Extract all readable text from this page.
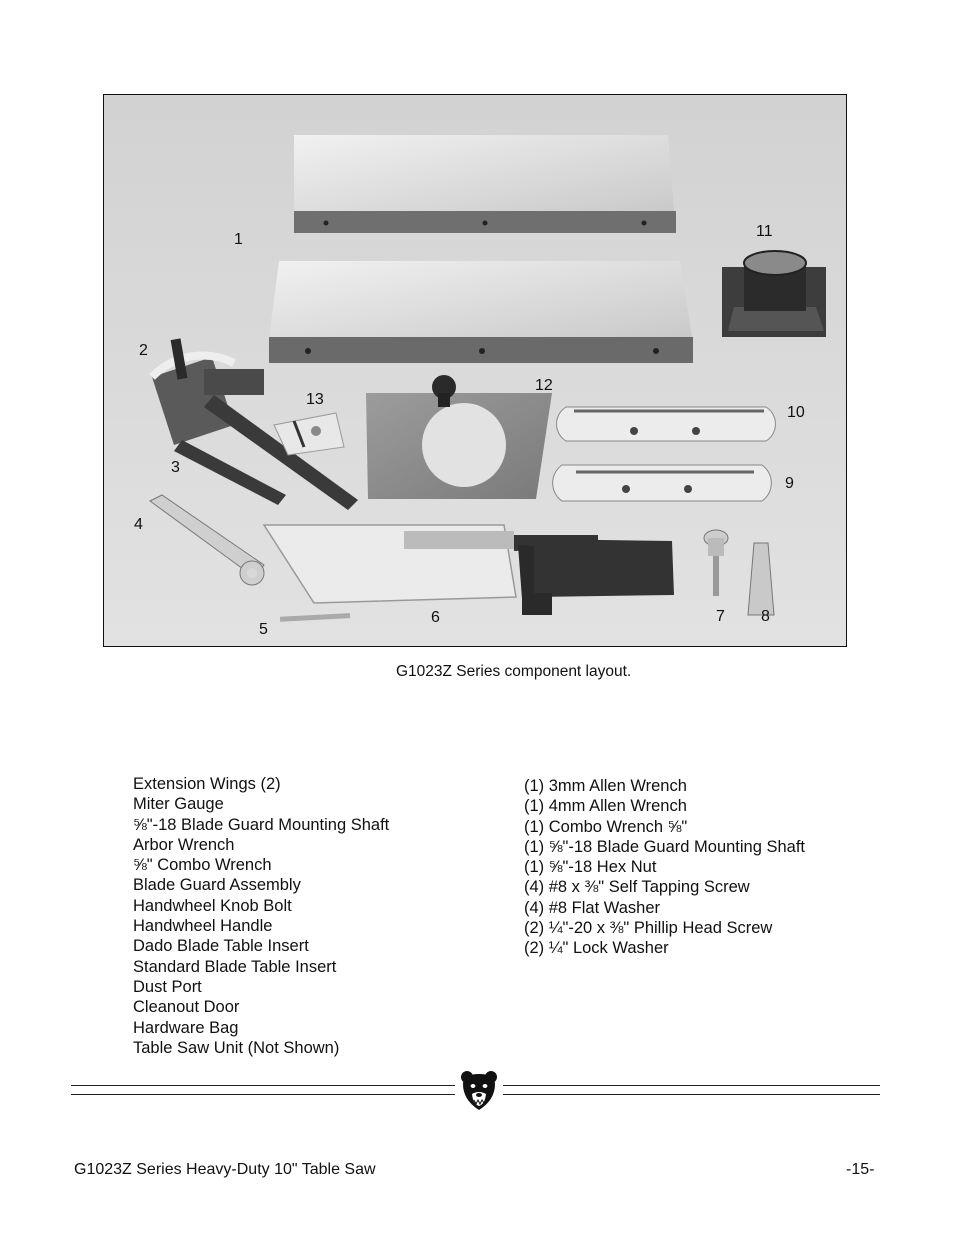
1
2
3
4
5
6	7 8
9
10
11
12
13
G1023Z Series component layout.
Extension Wings (2)
Miter Gauge
⅝"-18 Blade Guard Mounting Shaft
Arbor Wrench
⅝" Combo Wrench
Blade Guard Assembly
Handwheel Knob Bolt
Handwheel Handle
Dado Blade Table Insert
Standard Blade Table Insert
Dust Port
Cleanout Door
Hardware Bag
Table Saw Unit (Not Shown)
(1) 3mm Allen Wrench
(1) 4mm Allen Wrench
(1) Combo Wrench ⅝"
(1) ⅝"-18 Blade Guard Mounting Shaft
(1) ⅝"-18 Hex Nut
(4) #8 x ⅜" Self Tapping Screw
(4) #8 Flat Washer
(2) ¼"-20 x ⅜" Phillip Head Screw
(2) ¼" Lock Washer
G1023Z Series Heavy-Duty 10" Table Saw	-15-
